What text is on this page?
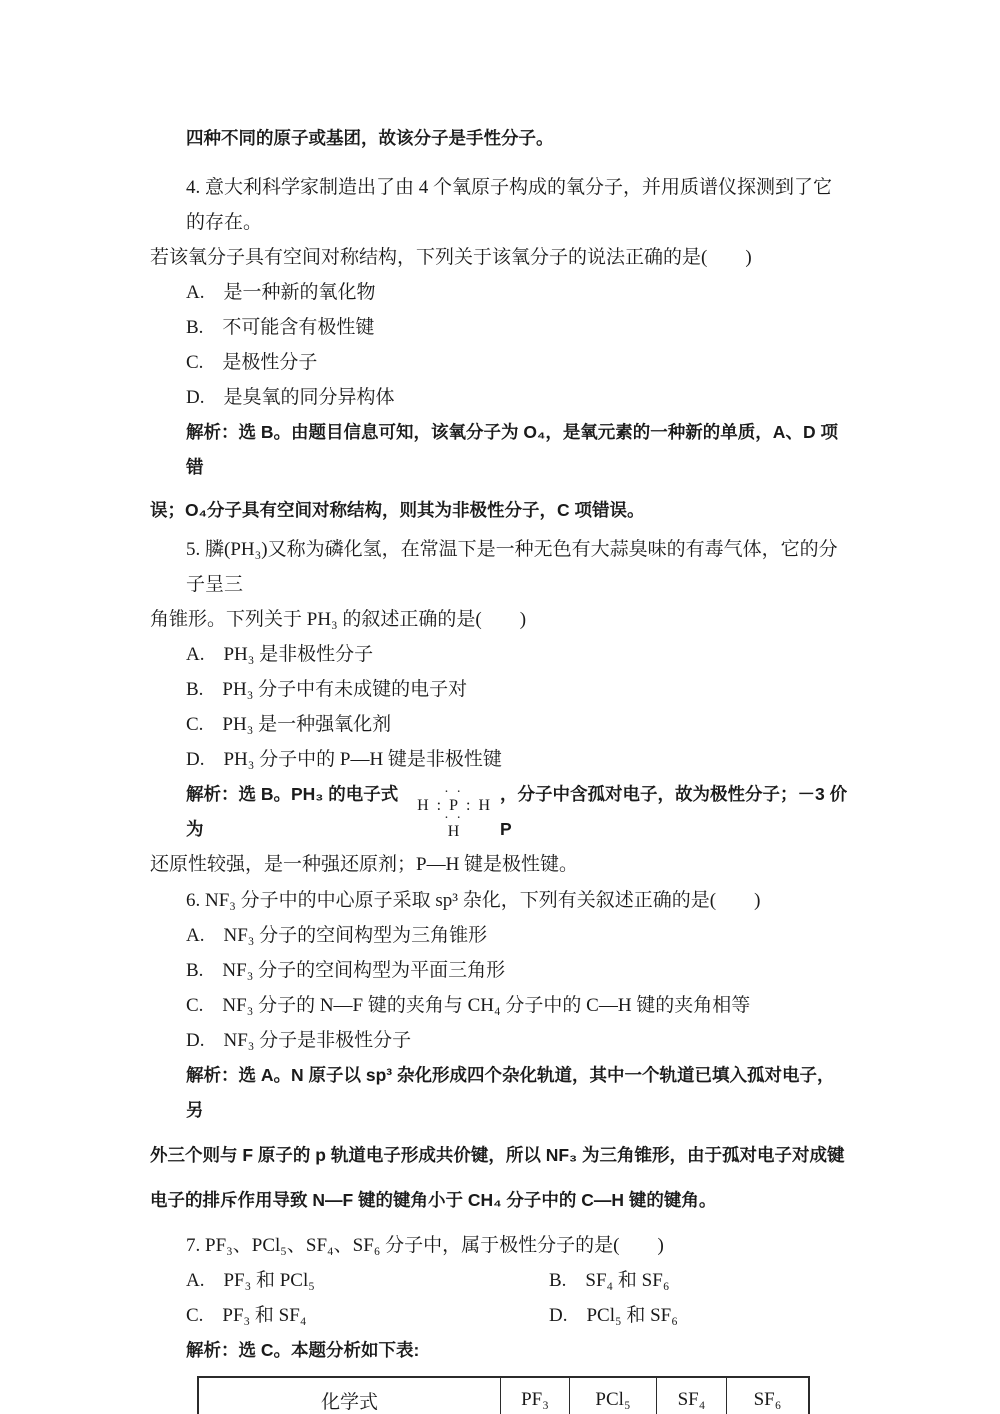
四种不同的原子或基团，故该分子是手性分子。
4. 意大利科学家制造出了由 4 个氧原子构成的氧分子，并用质谱仪探测到了它的存在。
若该氧分子具有空间对称结构，下列关于该氧分子的说法正确的是(　　)
A.　是一种新的氧化物
B.　不可能含有极性键
C.　是极性分子
D.　是臭氧的同分异构体
解析：选 B。由题目信息可知，该氧分子为 O₄，是氧元素的一种新的单质，A、D 项错
误；O₄分子具有空间对称结构，则其为非极性分子，C 项错误。
5. 膦(PH₃)又称为磷化氢，在常温下是一种无色有大蒜臭味的有毒气体，它的分子呈三
角锥形。下列关于 PH₃ 的叙述正确的是(　　)
A.　PH₃ 是非极性分子
B.　PH₃ 分子中有未成键的电子对
C.　PH₃ 是一种强氧化剂
D.　PH₃ 分子中的 P—H 键是非极性键
解析：选 B。PH₃ 的电子式为
· ·
H : P : H
· ·
H
，分子中含孤对电子，故为极性分子；－3 价 P
还原性较强，是一种强还原剂；P—H 键是极性键。
6. NF₃ 分子中的中心原子采取 sp³ 杂化，下列有关叙述正确的是(　　)
A.　NF₃ 分子的空间构型为三角锥形
B.　NF₃ 分子的空间构型为平面三角形
C.　NF₃ 分子的 N—F 键的夹角与 CH₄ 分子中的 C—H 键的夹角相等
D.　NF₃ 分子是非极性分子
解析：选 A。N 原子以 sp³ 杂化形成四个杂化轨道，其中一个轨道已填入孤对电子，另
外三个则与 F 原子的 p 轨道电子形成共价键，所以 NF₃ 为三角锥形，由于孤对电子对成键
电子的排斥作用导致 N—F 键的键角小于 CH₄ 分子中的 C—H 键的键角。
7. PF₃、PCl₅、SF₄、SF₆ 分子中，属于极性分子的是(　　)
A.　PF₃ 和 PCl₅	B.　SF₄ 和 SF₆
C.　PF₃ 和 SF₄	D.　PCl₅ 和 SF₆
解析：选 C。本题分析如下表:
化学式	PF₃	PCl₅	SF₄	SF₆
